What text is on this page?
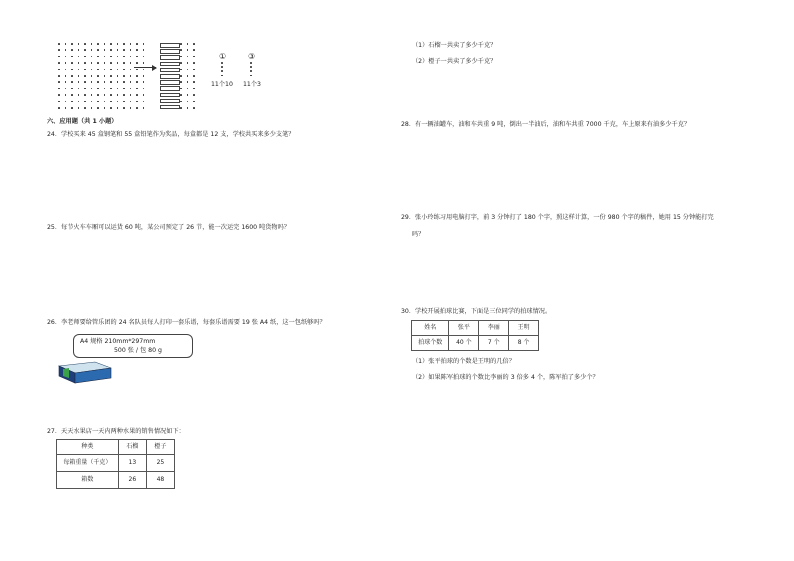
①	③
11个10 11个3
六、应用题（共 1 小题）
24．学校买来 45 盒钢笔和 55 盒铅笔作为奖品，每盒都是 12 支，学校共买来多少支笔？
25．每节火车车厢可以运货 60 吨，某公司预定了 26 节，能一次运完 1600 吨货物吗？
26．李老师要给管乐团的 24 名队员每人打印一套乐谱，每套乐谱需要 19 张 A4 纸，这一包纸够吗？
A4 规格 210mm*297mm
500 张 / 包 80 g
27．天天水果店一天内两种水果的销售情况如下：
种类	石榴	橙子
每箱重量（千克）	13	25
箱数	26	48
（1）石榴一共卖了多少千克？
（2）橙子一共卖了多少千克？
28．有一辆油罐车，油和车共重 9 吨，倒出一半油后，油和车共重 7000 千克，车上原来有油多少千克？
29．张小玲练习用电脑打字，前 3 分钟打了 180 个字，照这样计算，一份 980 个字的稿件，她用 15 分钟能打完
吗？
30．学校开展拍球比赛，下面是三位同学的拍球情况。
姓名	张平	李丽	王明
拍球个数	40 个	7 个	8 个
（1）张平拍球的个数是王明的几倍？
（2）如果陈军拍球的个数比李丽的 3 倍多 4 个，陈军拍了多少个？
